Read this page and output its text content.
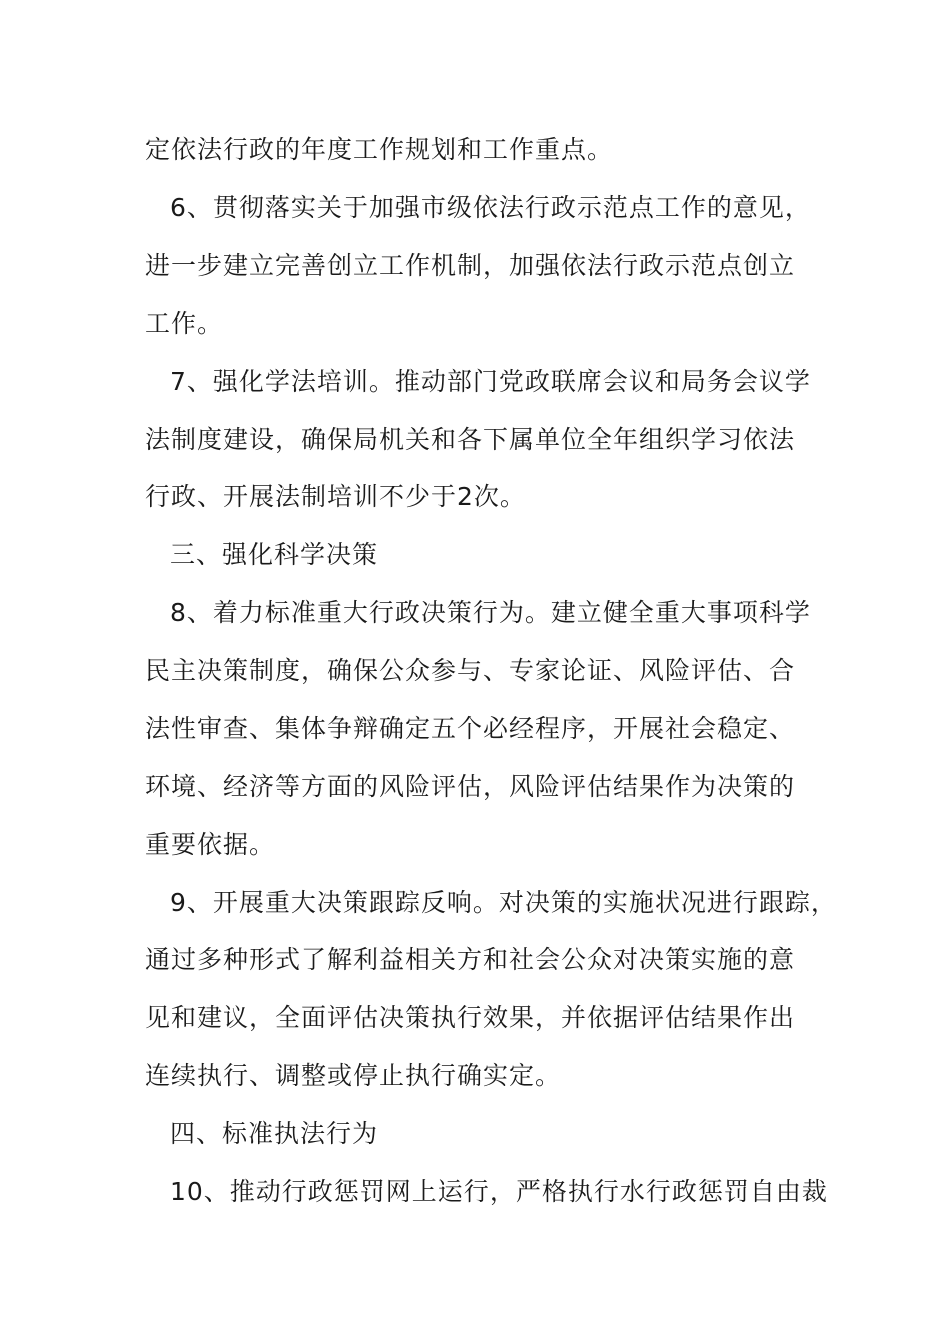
定依法行政的年度工作规划和工作重点。
6、贯彻落实关于加强市级依法行政示范点工作的意见，
进一步建立完善创立工作机制，加强依法行政示范点创立
工作。
7、强化学法培训。推动部门党政联席会议和局务会议学
法制度建设，确保局机关和各下属单位全年组织学习依法
行政、开展法制培训不少于2次。
三、强化科学决策
8、着力标准重大行政决策行为。建立健全重大事项科学
民主决策制度，确保公众参与、专家论证、风险评估、合
法性审查、集体争辩确定五个必经程序，开展社会稳定、
环境、经济等方面的风险评估，风险评估结果作为决策的
重要依据。
9、开展重大决策跟踪反响。对决策的实施状况进行跟踪，
通过多种形式了解利益相关方和社会公众对决策实施的意
见和建议，全面评估决策执行效果，并依据评估结果作出
连续执行、调整或停止执行确实定。
四、标准执法行为
10、推动行政惩罚网上运行，严格执行水行政惩罚自由裁
